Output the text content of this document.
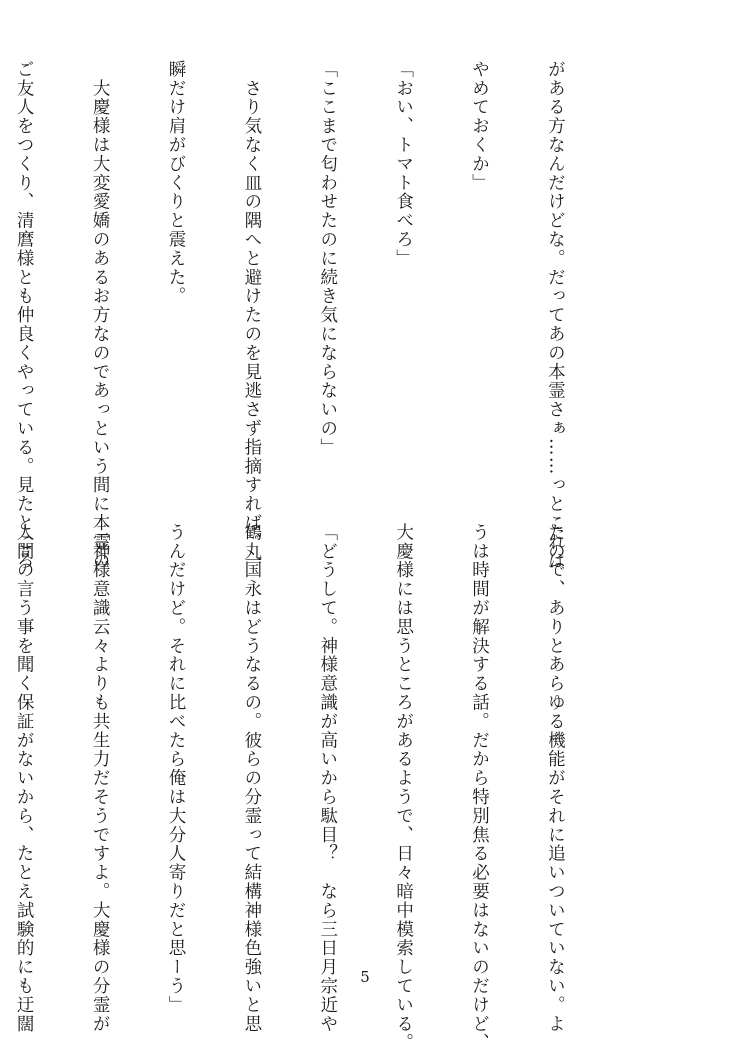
がある方なんだけどな。だってあの本霊さぁ……っとこれは

やめておくか」

「おい、トマト食べろ」

「ここまで匂わせたのに続き気にならないの」

　さり気なく皿の隅へと避けたのを見逃さず指摘すれば、一

瞬だけ肩がびくりと震えた。

　大慶様は大変愛嬌のあるお方なのであっという間に本霊の

ご友人をつくり、清麿様とも仲良くやっている。見たところ

たので、ありとあらゆる機能がそれに追いついていない。よ

うは時間が解決する話。だから特別焦る必要はないのだけど、

大慶様には思うところがあるようで、日々暗中模索している。

「どうして。神様意識が高いから駄目？　なら三日月宗近や

鶴丸国永はどうなるの。彼らの分霊って結構神様色強いと思

うんだけど。それに比べたら俺は大分人寄りだと思ーう」

「神様意識云々よりも共生力だそうですよ。大慶様の分霊が

人間の言う事を聞く保証がないから、たとえ試験的にも迂闊

	5
